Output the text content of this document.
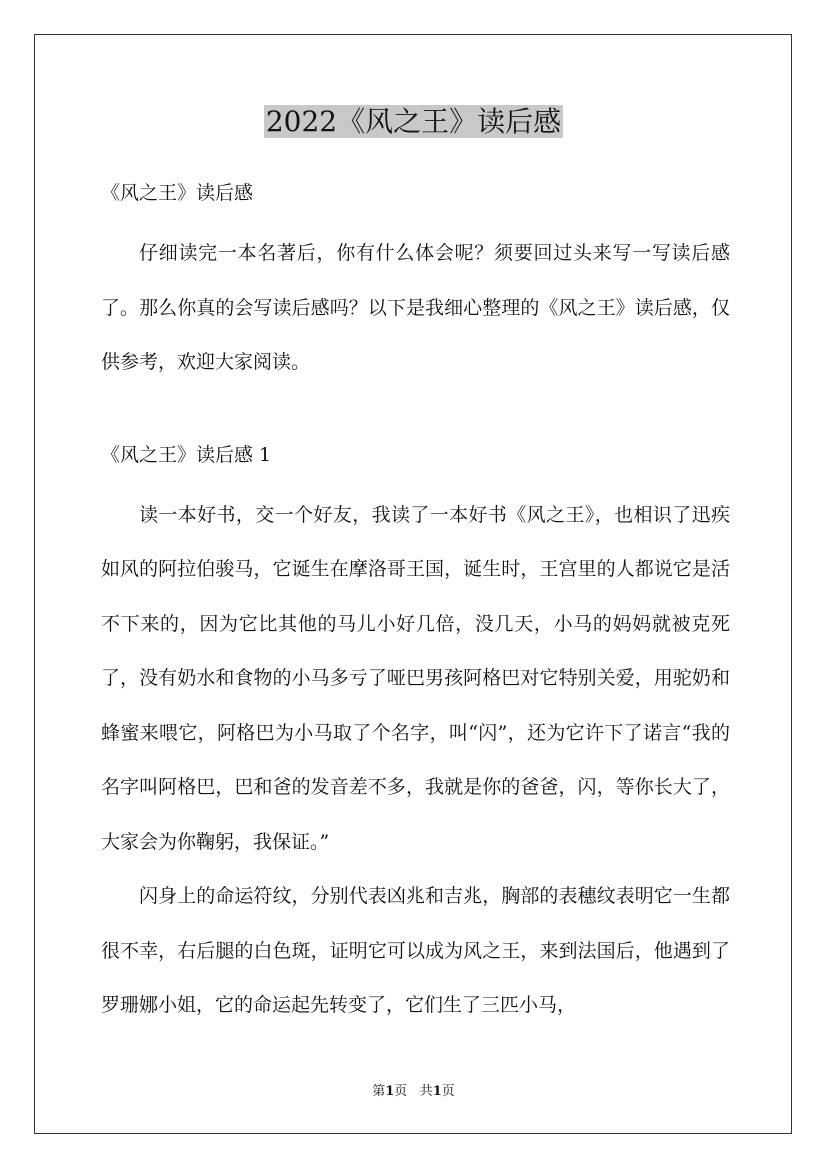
2022《风之王》读后感

《风之王》读后感

仔细读完一本名著后，你有什么体会呢？须要回过头来写一写读后感了。那么你真的会写读后感吗？以下是我细心整理的《风之王》读后感，仅供参考，欢迎大家阅读。

《风之王》读后感 1

读一本好书，交一个好友，我读了一本好书《风之王》，也相识了迅疾如风的阿拉伯骏马，它诞生在摩洛哥王国，诞生时，王宫里的人都说它是活不下来的，因为它比其他的马儿小好几倍，没几天，小马的妈妈就被克死了，没有奶水和食物的小马多亏了哑巴男孩阿格巴对它特别关爱，用驼奶和蜂蜜来喂它，阿格巴为小马取了个名字，叫“闪”，还为它许下了诺言“我的名字叫阿格巴，巴和爸的发音差不多，我就是你的爸爸，闪，等你长大了，大家会为你鞠躬，我保证。”

闪身上的命运符纹，分别代表凶兆和吉兆，胸部的表穗纹表明它一生都很不幸，右后腿的白色斑，证明它可以成为风之王，来到法国后，他遇到了罗珊娜小姐，它的命运起先转变了，它们生了三匹小马，

第1页 共1页
